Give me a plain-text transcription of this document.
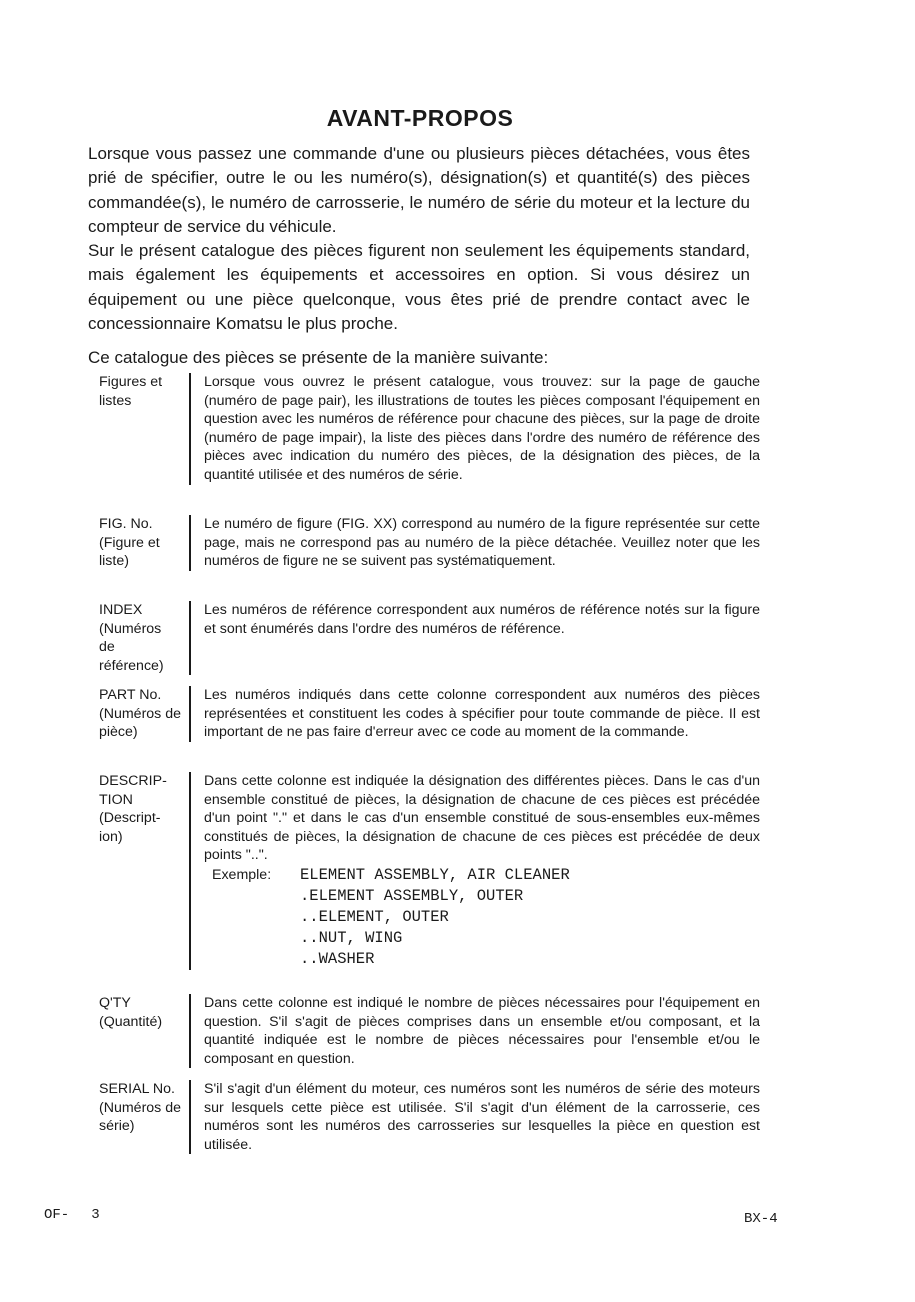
AVANT-PROPOS

Lorsque vous passez une commande d'une ou plusieurs pièces détachées, vous êtes prié de spécifier, outre le ou les numéro(s), désignation(s) et quantité(s) des pièces commandée(s), le numéro de carrosserie, le numéro de série du moteur et la lecture du compteur de service du véhicule.

Sur le présent catalogue des pièces figurent non seulement les équipements standard, mais également les équipements et accessoires en option. Si vous désirez un équipement ou une pièce quelconque, vous êtes prié de prendre contact avec le concessionnaire Komatsu le plus proche.

Ce catalogue des pièces se présente de la manière suivante:
Figures et listes

Lorsque vous ouvrez le présent catalogue, vous trouvez: sur la page de gauche (numéro de page pair), les illustrations de toutes les pièces composant l'équipement en question avec les numéros de référence pour chacune des pièces, sur la page de droite (numéro de page impair), la liste des pièces dans l'ordre des numéro de référence des pièces avec indication du numéro des pièces, de la désignation des pièces, de la quantité utilisée et des numéros de série.

FIG. No. (Figure et liste)

Le numéro de figure (FIG. XX) correspond au numéro de la figure représentée sur cette page, mais ne correspond pas au numéro de la pièce détachée. Veuillez noter que les numéros de figure ne se suivent pas systématiquement.

INDEX (Numéros de référence)

Les numéros de référence correspondent aux numéros de référence notés sur la figure et sont énumérés dans l'ordre des numéros de référence.

PART No. (Numéros de pièce)

Les numéros indiqués dans cette colonne correspondent aux numéros des pièces représentées et constituent les codes à spécifier pour toute commande de pièce. Il est important de ne pas faire d'erreur avec ce code au moment de la commande.

DESCRIP-TION (Descript-ion)

Dans cette colonne est indiquée la désignation des différentes pièces. Dans le cas d'un ensemble constitué de pièces, la désignation de chacune de ces pièces est précédée d'un point "." et dans le cas d'un ensemble constitué de sous-ensembles eux-mêmes constitués de pièces, la désignation de chacune de ces pièces est précédée de deux points "..".

Exemple: ELEMENT ASSEMBLY, AIR CLEANER
.ELEMENT ASSEMBLY, OUTER
..ELEMENT, OUTER
..NUT, WING
..WASHER
Q'TY (Quantité)

Dans cette colonne est indiqué le nombre de pièces nécessaires pour l'équipement en question. S'il s'agit de pièces comprises dans un ensemble et/ou composant, et la quantité indiquée est le nombre de pièces nécessaires pour l'ensemble et/ou le composant en question.

SERIAL No. (Numéros de série)

S'il s'agit d'un élément du moteur, ces numéros sont les numéros de série des moteurs sur lesquels cette pièce est utilisée. S'il s'agit d'un élément de la carrosserie, ces numéros sont les numéros des carrosseries sur lesquelles la pièce en question est utilisée.

OF- 3	BX-4
